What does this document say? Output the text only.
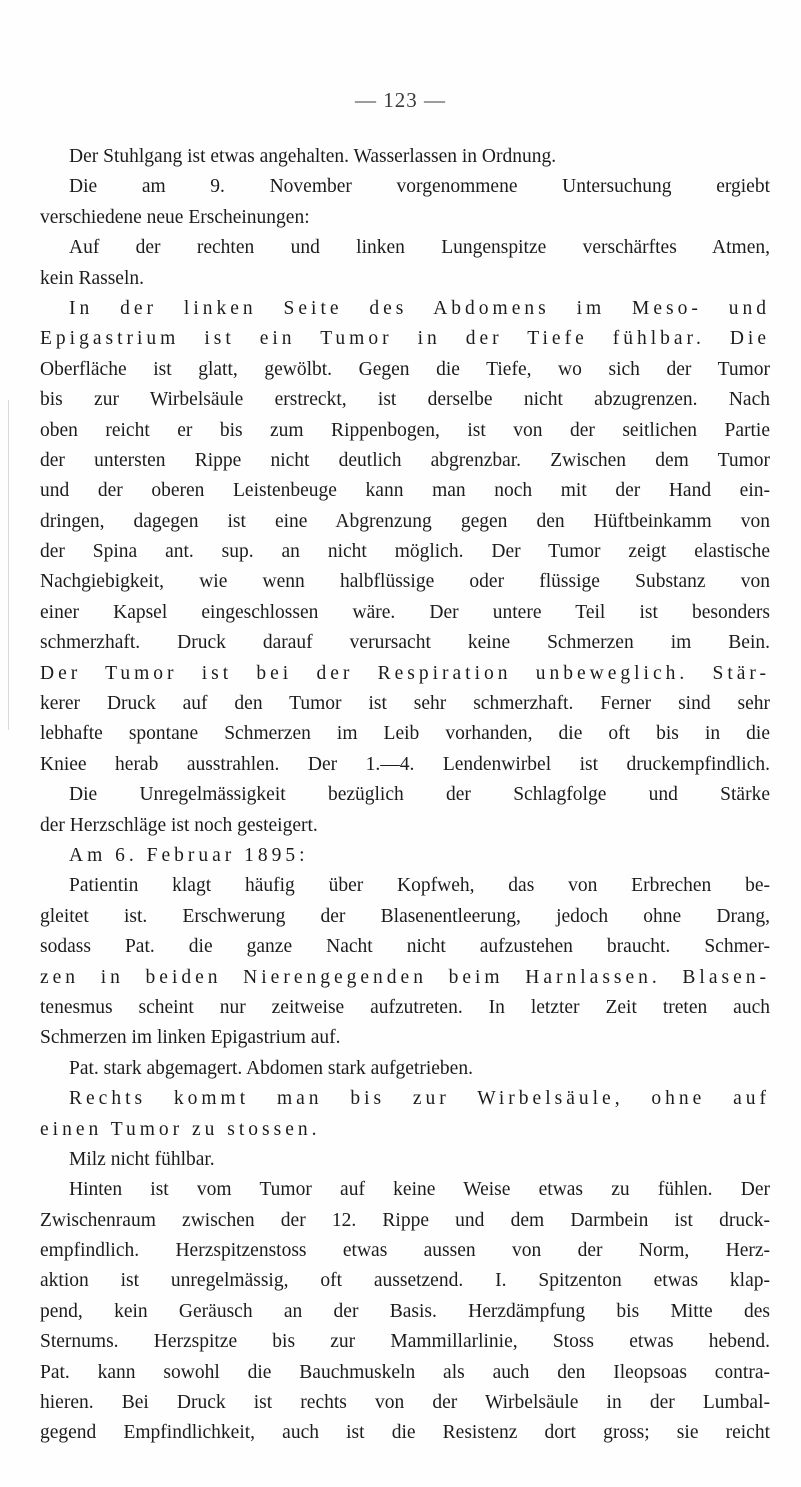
— 123 —
Der Stuhlgang ist etwas angehalten. Wasserlassen in Ordnung.
Die am 9. November vorgenommene Untersuchung ergiebt
verschiedene neue Erscheinungen:
Auf der rechten und linken Lungenspitze verschärftes Atmen,
kein Rasseln.
In der linken Seite des Abdomens im Meso- und
Epigastrium ist ein Tumor in der Tiefe fühlbar. Die
Oberfläche ist glatt, gewölbt. Gegen die Tiefe, wo sich der Tumor
bis zur Wirbelsäule erstreckt, ist derselbe nicht abzugrenzen. Nach
oben reicht er bis zum Rippenbogen, ist von der seitlichen Partie
der untersten Rippe nicht deutlich abgrenzbar. Zwischen dem Tumor
und der oberen Leistenbeuge kann man noch mit der Hand ein-
dringen, dagegen ist eine Abgrenzung gegen den Hüftbeinkamm von
der Spina ant. sup. an nicht möglich. Der Tumor zeigt elastische
Nachgiebigkeit, wie wenn halbflüssige oder flüssige Substanz von
einer Kapsel eingeschlossen wäre. Der untere Teil ist besonders
schmerzhaft. Druck darauf verursacht keine Schmerzen im Bein.
Der Tumor ist bei der Respiration unbeweglich. Stär-
kerer Druck auf den Tumor ist sehr schmerzhaft. Ferner sind sehr
lebhafte spontane Schmerzen im Leib vorhanden, die oft bis in die
Kniee herab ausstrahlen. Der 1.—4. Lendenwirbel ist druckempfindlich.
Die Unregelmässigkeit bezüglich der Schlagfolge und Stärke
der Herzschläge ist noch gesteigert.
Am 6. Februar 1895:
Patientin klagt häufig über Kopfweh, das von Erbrechen be-
gleitet ist. Erschwerung der Blasenentleerung, jedoch ohne Drang,
sodass Pat. die ganze Nacht nicht aufzustehen braucht. Schmer-
zen in beiden Nierengegenden beim Harnlassen. Blasen-
tenesmus scheint nur zeitweise aufzutreten. In letzter Zeit treten auch
Schmerzen im linken Epigastrium auf.
Pat. stark abgemagert. Abdomen stark aufgetrieben.
Rechts kommt man bis zur Wirbelsäule, ohne auf
einen Tumor zu stossen.
Milz nicht fühlbar.
Hinten ist vom Tumor auf keine Weise etwas zu fühlen. Der
Zwischenraum zwischen der 12. Rippe und dem Darmbein ist druck-
empfindlich. Herzspitzenstoss etwas aussen von der Norm, Herz-
aktion ist unregelmässig, oft aussetzend. I. Spitzenton etwas klap-
pend, kein Geräusch an der Basis. Herzdämpfung bis Mitte des
Sternums. Herzspitze bis zur Mammillarlinie, Stoss etwas hebend.
Pat. kann sowohl die Bauchmuskeln als auch den Ileopsoas contra-
hieren. Bei Druck ist rechts von der Wirbelsäule in der Lumbal-
gegend Empfindlichkeit, auch ist die Resistenz dort gross; sie reicht
